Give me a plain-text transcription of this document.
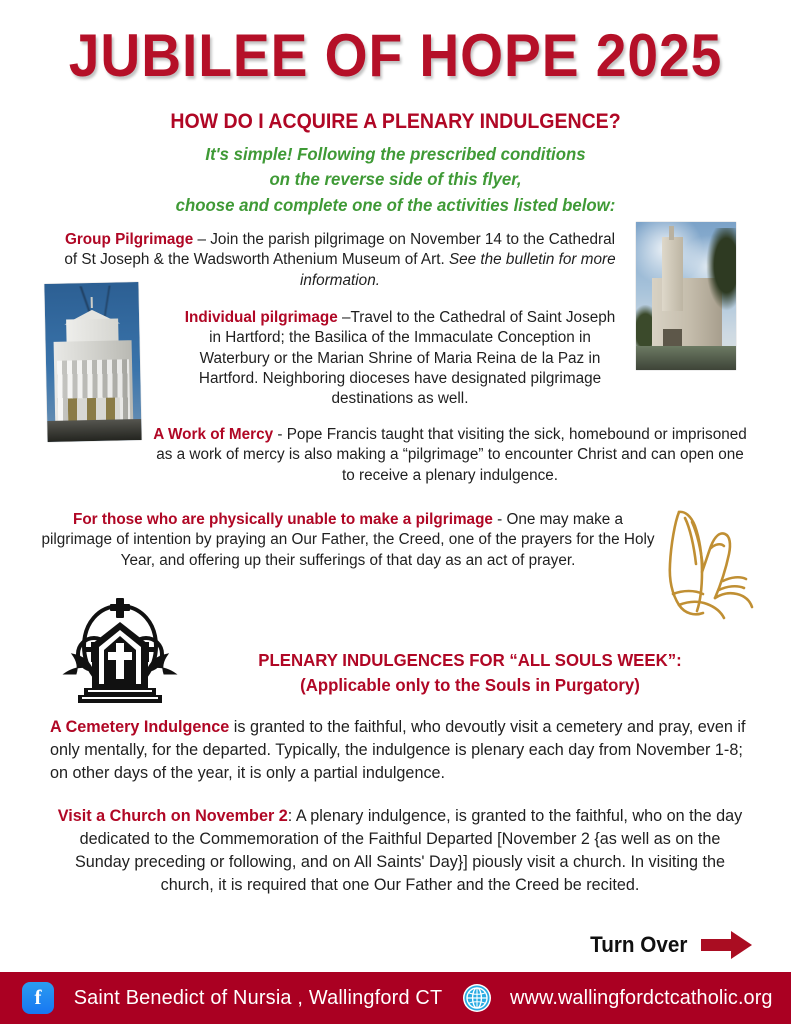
JUBILEE OF HOPE 2025
HOW DO I ACQUIRE A PLENARY INDULGENCE?
It's simple! Following the prescribed conditions
on the reverse side of this flyer,
choose and complete one of the activities listed below:
Group Pilgrimage – Join the parish pilgrimage on November 14 to the Cathedral of St Joseph & the Wadsworth Athenium Museum of Art. See the bulletin for more information.
Individual pilgrimage –Travel to the Cathedral of Saint Joseph in Hartford; the Basilica of the Immaculate Conception in Waterbury or the Marian Shrine of Maria Reina de la Paz in Hartford. Neighboring dioceses have designated pilgrimage destinations as well.
A Work of Mercy - Pope Francis taught that visiting the sick, homebound or imprisoned as a work of mercy is also making a “pilgrimage” to encounter Christ and can open one to receive a plenary indulgence.
For those who are physically unable to make a pilgrimage - One may make a pilgrimage of intention by praying an Our Father, the Creed, one of the prayers for the Holy Year, and offering up their sufferings of that day as an act of prayer.
PLENARY INDULGENCES FOR “ALL SOULS WEEK”:
(Applicable only to the Souls in Purgatory)
A Cemetery Indulgence is granted to the faithful, who devoutly visit a cemetery and pray, even if only mentally, for the departed. Typically, the indulgence is plenary each day from November 1-8; on other days of the year, it is only a partial indulgence.
Visit a Church on November 2: A plenary indulgence, is granted to the faithful, who on the day dedicated to the Commemoration of the Faithful Departed [November 2 {as well as on the Sunday preceding or following, and on All Saints' Day}] piously visit a church. In visiting the church, it is required that one Our Father and the Creed be recited.
Turn Over
f Saint Benedict of Nursia , Wallingford CT	www.wallingfordctcatholic.org
